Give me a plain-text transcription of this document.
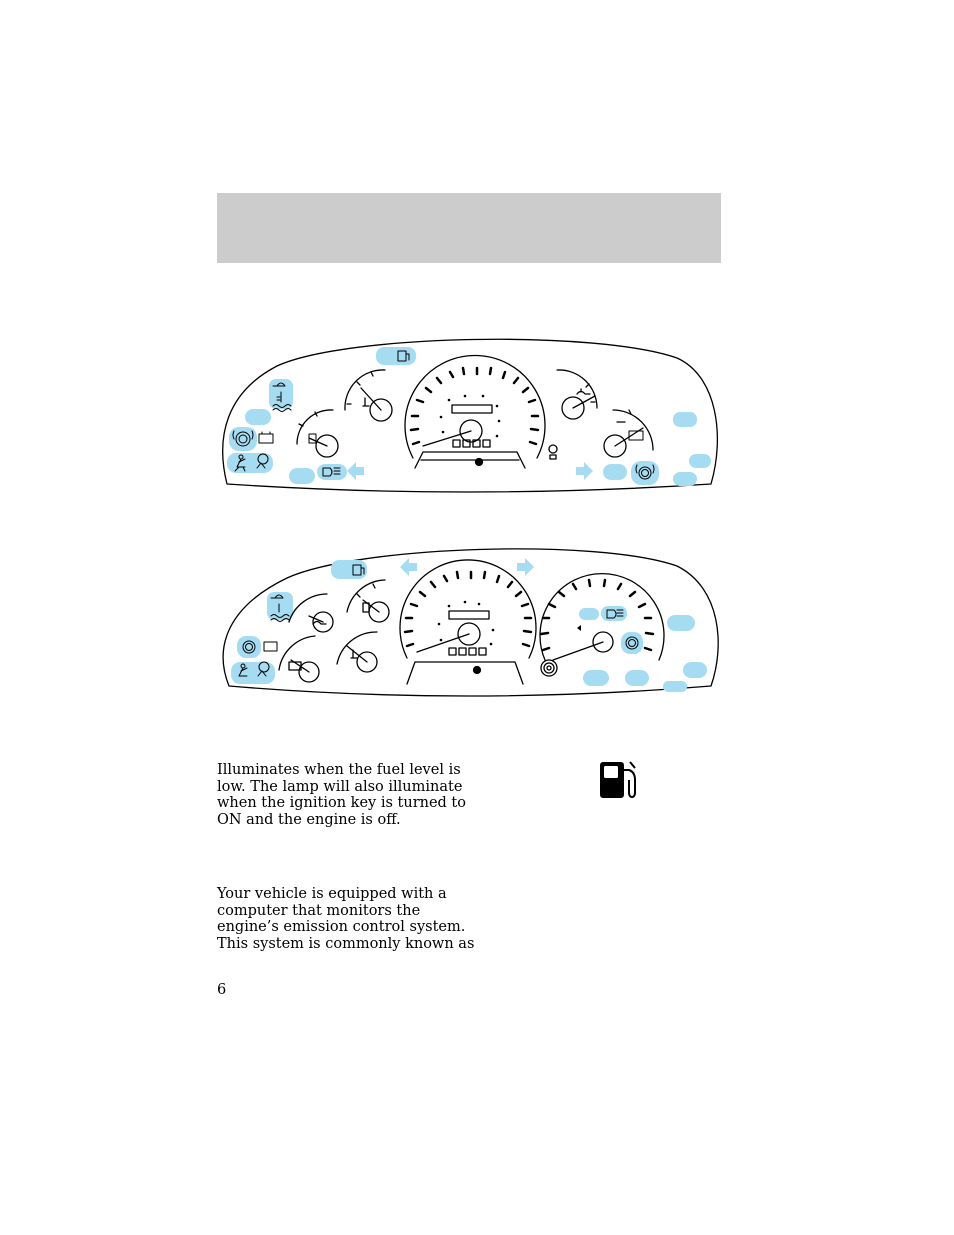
Illuminates when the fuel level is low. The lamp will also illuminate when the ignition key is turned to ON and the engine is off.

Your vehicle is equipped with a computer that monitors the engine’s emission control system. This system is commonly known as

6
